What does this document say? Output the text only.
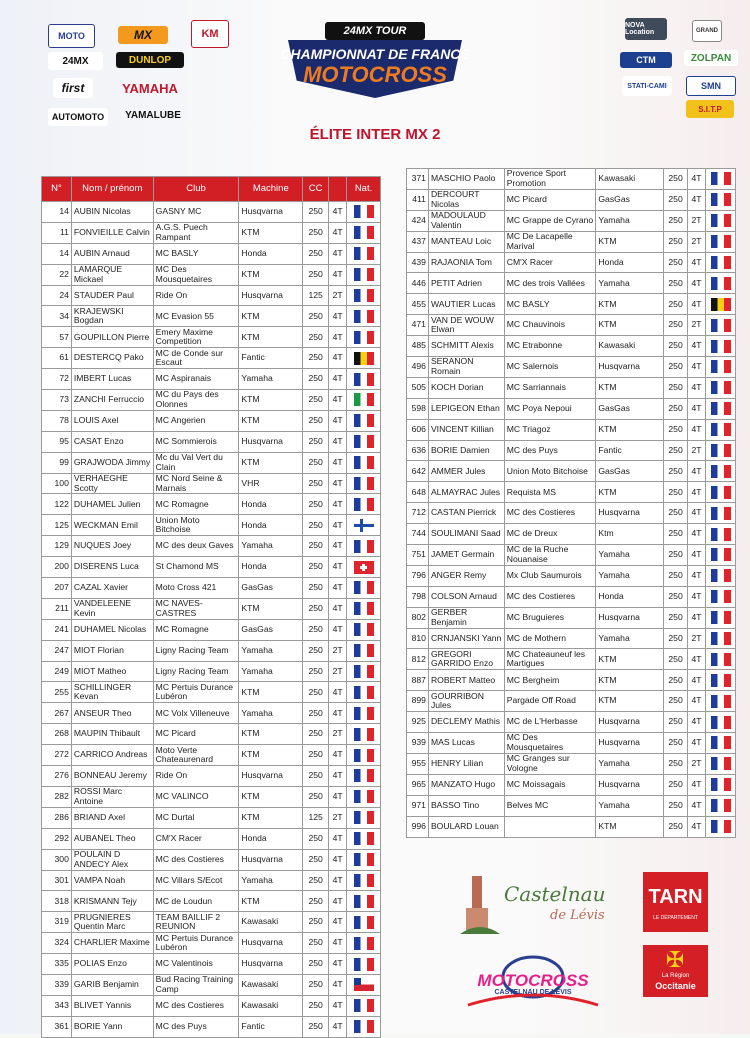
MOTO	MX	KM
24MX	DUNLOP
first	YAMAHA
AUTOMOTO	YAMALUBE
24MX TOUR
CHAMPIONNAT DE FRANCE
MOTOCROSS
ÉLITE INTER MX 2
NOVA Location	GRAND
CTM	ZOLPAN
STATI-CAMI	SMN
S.I.T.P
N°	Nom / prénom	Club	Machine	CC		Nat.
14	AUBIN Nicolas	GASNY MC	Husqvarna	250	4T	
11	FONVIEILLE Calvin	A.G.S. Puech Rampant	KTM	250	4T	
14	AUBIN Arnaud	MC BASLY	Honda	250	4T	
22	LAMARQUE Mickael	MC Des Mousquetaires	KTM	250	4T	
24	STAUDER Paul	Ride On	Husqvarna	125	2T	
34	KRAJEWSKI Bogdan	MC Evasion 55	KTM	250	4T	
57	GOUPILLON Pierre	Emery Maxime Competition	KTM	250	4T	
61	DESTERCQ Pako	MC de Conde sur Escaut	Fantic	250	4T	
72	IMBERT Lucas	MC Aspiranais	Yamaha	250	4T	
73	ZANCHI Ferruccio	MC du Pays des Olonnes	KTM	250	4T	
78	LOUIS Axel	MC Angerien	KTM	250	4T	
95	CASAT Enzo	MC Sommierois	Husqvarna	250	4T	
99	GRAJWODA Jimmy	Mc du Val Vert du Clain	KTM	250	4T	
100	VERHAEGHE Scotty	MC Nord Seine & Marnais	VHR	250	4T	
122	DUHAMEL Julien	MC Romagne	Honda	250	4T	
125	WECKMAN Emil	Union Moto Bitchoise	Honda	250	4T	
129	NUQUES Joey	MC des deux Gaves	Yamaha	250	4T	
200	DISERENS Luca	St Chamond MS	Honda	250	4T	
207	CAZAL Xavier	Moto Cross 421	GasGas	250	4T	
211	VANDELEENE Kevin	MC NAVES-CASTRES	KTM	250	4T	
241	DUHAMEL Nicolas	MC Romagne	GasGas	250	4T	
247	MIOT Florian	Ligny Racing Team	Yamaha	250	2T	
249	MIOT Matheo	Ligny Racing Team	Yamaha	250	2T	
255	SCHILLINGER Kevan	MC Pertuis Durance Lubéron	KTM	250	4T	
267	ANSEUR Theo	MC Volx Villeneuve	Yamaha	250	4T	
268	MAUPIN Thibault	MC Picard	KTM	250	2T	
272	CARRICO Andreas	Moto Verte Chateaurenard	KTM	250	4T	
276	BONNEAU Jeremy	Ride On	Husqvarna	250	4T	
282	ROSSI Marc Antoine	MC VALINCO	KTM	250	4T	
286	BRIAND Axel	MC Durtal	KTM	125	2T	
292	AUBANEL Theo	CM'X Racer	Honda	250	4T	
300	POULAIN D ANDECY Alex	MC des Costieres	Husqvarna	250	4T	
301	VAMPA Noah	MC Villars S/Ecot	Yamaha	250	4T	
318	KRISMANN Tejy	MC de Loudun	KTM	250	4T	
319	PRUGNIERES Quentin Marc	TEAM BAILLIF 2 REUNION	Kawasaki	250	4T	
324	CHARLIER Maxime	MC Pertuis Durance Lubéron	Husqvarna	250	4T	
335	POLIAS Enzo	MC Valentinois	Husqvarna	250	4T	
339	GARIB Benjamin	Bud Racing Training Camp	Kawasaki	250	4T	
343	BLIVET Yannis	MC des Costieres	Kawasaki	250	4T	
361	BORIE Yann	MC des Puys	Fantic	250	4T	
371	MASCHIO Paolo	Provence Sport Promotion	Kawasaki	250	4T	
411	DERCOURT Nicolas	MC Picard	GasGas	250	4T	
424	MADOULAUD Valentin	MC Grappe de Cyrano	Yamaha	250	2T	
437	MANTEAU Loic	MC De Lacapelle Marival	KTM	250	2T	
439	RAJAONIA Tom	CM'X Racer	Honda	250	4T	
446	PETIT Adrien	MC des trois Vallées	Yamaha	250	4T	
455	WAUTIER Lucas	MC BASLY	KTM	250	4T	
471	VAN DE WOUW Elwan	MC Chauvinois	KTM	250	2T	
485	SCHMITT Alexis	MC Etrabonne	Kawasaki	250	4T	
496	SERANON Romain	MC Salernois	Husqvarna	250	4T	
505	KOCH Dorian	MC Sarriannais	KTM	250	4T	
598	LEPIGEON Ethan	MC Poya Nepoui	GasGas	250	4T	
606	VINCENT Killian	MC Triagoz	KTM	250	4T	
636	BORIE Damien	MC des Puys	Fantic	250	2T	
642	AMMER Jules	Union Moto Bitchoise	GasGas	250	4T	
648	ALMAYRAC Jules	Requista MS	KTM	250	4T	
712	CASTAN Pierrick	MC des Costieres	Husqvarna	250	4T	
744	SOULIMANI Saad	MC de Dreux	Ktm	250	4T	
751	JAMET Germain	MC de la Ruche Nouanaise	Yamaha	250	4T	
796	ANGER Remy	Mx Club Saumurois	Yamaha	250	4T	
798	COLSON Arnaud	MC des Costieres	Honda	250	4T	
802	GERBER Benjamin	MC Bruguieres	Husqvarna	250	4T	
810	CRNJANSKI Yann	MC de Mothern	Yamaha	250	2T	
812	GREGORI GARRIDO Enzo	MC Chateauneuf les Martigues	KTM	250	4T	
887	ROBERT Matteo	MC Bergheim	KTM	250	4T	
899	GOURRIBON Jules	Pargade Off Road	KTM	250	4T	
925	DECLEMY Mathis	MC de L'Herbasse	Husqvarna	250	4T	
939	MAS Lucas	MC Des Mousquetaires	Husqvarna	250	4T	
955	HENRY Lilian	MC Granges sur Vologne	Yamaha	250	2T	
965	MANZATO Hugo	MC Moissagais	Husqvarna	250	4T	
971	BASSO Tino	Belves MC	Yamaha	250	4T	
996	BOULARD Louan		KTM	250	4T	
Castelnau
de Lévis
TARN
LE DÉPARTEMENT
✠
La Région
Occitanie
MOTOCROSS
CASTELNAU DE LÉVIS
